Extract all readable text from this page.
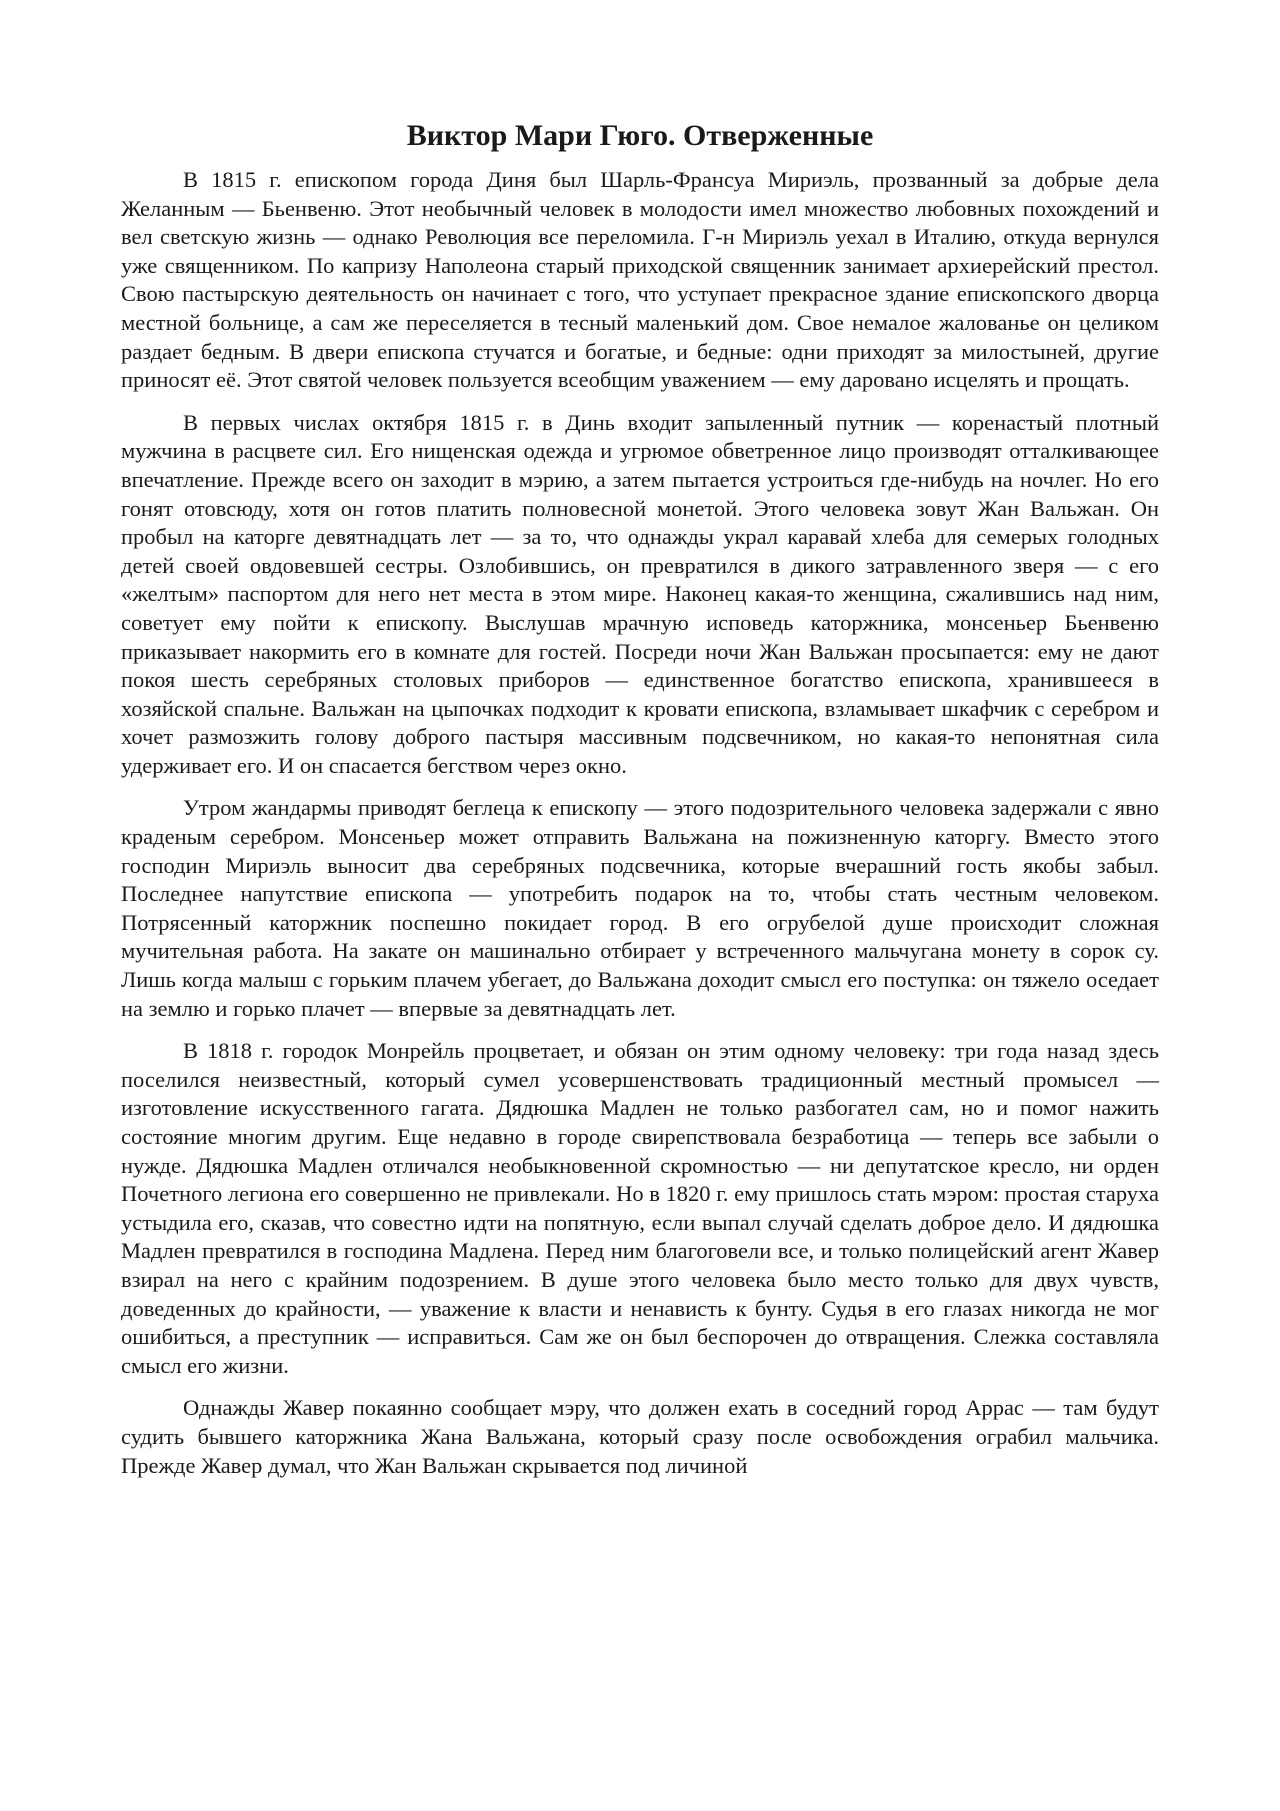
Виктор Мари Гюго. Отверженные

В 1815 г. епископом города Диня был Шарль-Франсуа Мириэль, прозванный за добрые дела Желанным — Бьенвеню. Этот необычный человек в молодости имел множество любовных похождений и вел светскую жизнь — однако Революция все переломила. Г-н Мириэль уехал в Италию, откуда вернулся уже священником. По капризу Наполеона старый приходской священник занимает архиерейский престол. Свою пастырскую деятельность он начинает с того, что уступает прекрасное здание епископского дворца местной больнице, а сам же переселяется в тесный маленький дом. Свое немалое жалованье он целиком раздает бедным. В двери епископа стучатся и богатые, и бедные: одни приходят за милостыней, другие приносят её. Этот святой человек пользуется всеобщим уважением — ему даровано исцелять и прощать.

В первых числах октября 1815 г. в Динь входит запыленный путник — коренастый плотный мужчина в расцвете сил. Его нищенская одежда и угрюмое обветренное лицо производят отталкивающее впечатление. Прежде всего он заходит в мэрию, а затем пытается устроиться где-нибудь на ночлег. Но его гонят отовсюду, хотя он готов платить полновесной монетой. Этого человека зовут Жан Вальжан. Он пробыл на каторге девятнадцать лет — за то, что однажды украл каравай хлеба для семерых голодных детей своей овдовевшей сестры. Озлобившись, он превратился в дикого затравленного зверя — с его «желтым» паспортом для него нет места в этом мире. Наконец какая-то женщина, сжалившись над ним, советует ему пойти к епископу. Выслушав мрачную исповедь каторжника, монсеньер Бьенвеню приказывает накормить его в комнате для гостей. Посреди ночи Жан Вальжан просыпается: ему не дают покоя шесть серебряных столовых приборов — единственное богатство епископа, хранившееся в хозяйской спальне. Вальжан на цыпочках подходит к кровати епископа, взламывает шкафчик с серебром и хочет размозжить голову доброго пастыря массивным подсвечником, но какая-то непонятная сила удерживает его. И он спасается бегством через окно.

Утром жандармы приводят беглеца к епископу — этого подозрительного человека задержали с явно краденым серебром. Монсеньер может отправить Вальжана на пожизненную каторгу. Вместо этого господин Мириэль выносит два серебряных подсвечника, которые вчерашний гость якобы забыл. Последнее напутствие епископа — употребить подарок на то, чтобы стать честным человеком. Потрясенный каторжник поспешно покидает город. В его огрубелой душе происходит сложная мучительная работа. На закате он машинально отбирает у встреченного мальчугана монету в сорок су. Лишь когда малыш с горьким плачем убегает, до Вальжана доходит смысл его поступка: он тяжело оседает на землю и горько плачет — впервые за девятнадцать лет.

В 1818 г. городок Монрейль процветает, и обязан он этим одному человеку: три года назад здесь поселился неизвестный, который сумел усовершенствовать традиционный местный промысел — изготовление искусственного гагата. Дядюшка Мадлен не только разбогател сам, но и помог нажить состояние многим другим. Еще недавно в городе свирепствовала безработица — теперь все забыли о нужде. Дядюшка Мадлен отличался необыкновенной скромностью — ни депутатское кресло, ни орден Почетного легиона его совершенно не привлекали. Но в 1820 г. ему пришлось стать мэром: простая старуха устыдила его, сказав, что совестно идти на попятную, если выпал случай сделать доброе дело. И дядюшка Мадлен превратился в господина Мадлена. Перед ним благоговели все, и только полицейский агент Жавер взирал на него с крайним подозрением. В душе этого человека было место только для двух чувств, доведенных до крайности, — уважение к власти и ненависть к бунту. Судья в его глазах никогда не мог ошибиться, а преступник — исправиться. Сам же он был беспорочен до отвращения. Слежка составляла смысл его жизни.

Однажды Жавер покаянно сообщает мэру, что должен ехать в соседний город Аррас — там будут судить бывшего каторжника Жана Вальжана, который сразу после освобождения ограбил мальчика. Прежде Жавер думал, что Жан Вальжан скрывается под личиной
